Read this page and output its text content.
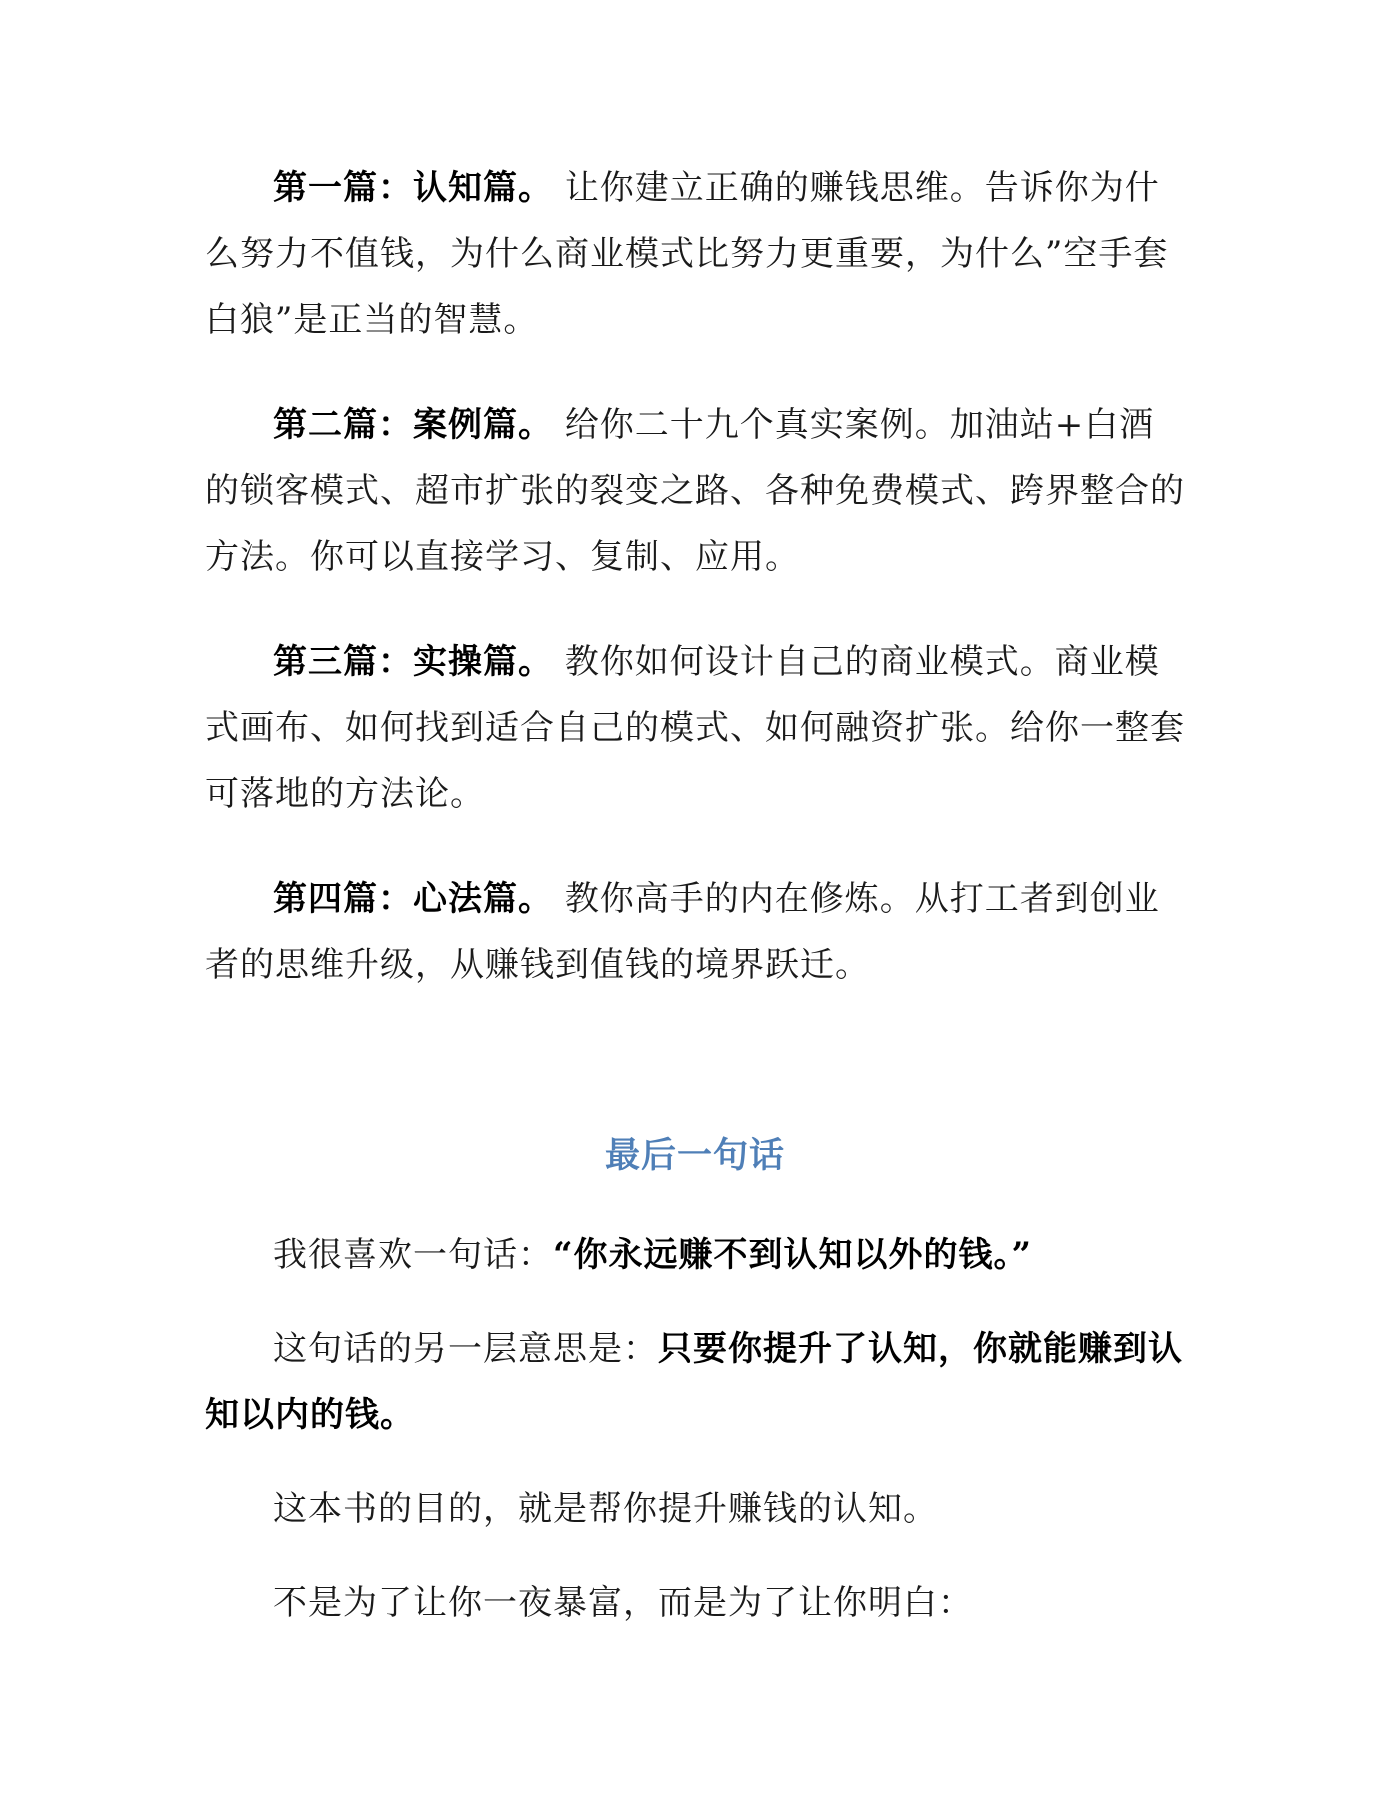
第一篇：认知篇。 让你建立正确的赚钱思维。告诉你为什么努力不值钱，为什么商业模式比努力更重要，为什么”空手套白狼”是正当的智慧。

第二篇：案例篇。 给你二十九个真实案例。加油站+白酒的锁客模式、超市扩张的裂变之路、各种免费模式、跨界整合的方法。你可以直接学习、复制、应用。

第三篇：实操篇。 教你如何设计自己的商业模式。商业模式画布、如何找到适合自己的模式、如何融资扩张。给你一整套可落地的方法论。

第四篇：心法篇。 教你高手的内在修炼。从打工者到创业者的思维升级，从赚钱到值钱的境界跃迁。

最后一句话

我很喜欢一句话：“你永远赚不到认知以外的钱。”

这句话的另一层意思是：只要你提升了认知，你就能赚到认知以内的钱。

这本书的目的，就是帮你提升赚钱的认知。

不是为了让你一夜暴富，而是为了让你明白：
